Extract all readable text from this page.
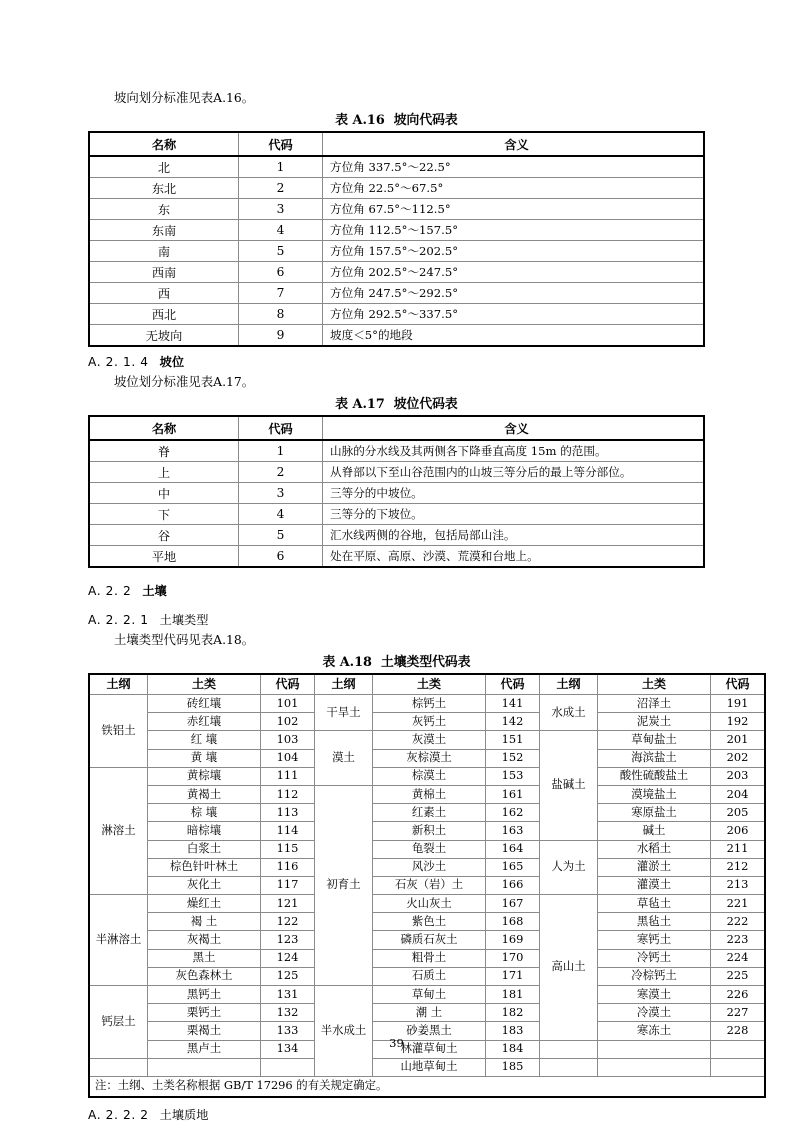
坡向划分标准见表A.16。

表 A.16 坡向代码表

名称	代码	含义
北	1	方位角 337.5°～22.5°
东北	2	方位角 22.5°～67.5°
东	3	方位角 67.5°～112.5°
东南	4	方位角 112.5°～157.5°
南	5	方位角 157.5°～202.5°
西南	6	方位角 202.5°～247.5°
西	7	方位角 247.5°～292.5°
西北	8	方位角 292.5°～337.5°
无坡向	9	坡度＜5°的地段

A. 2. 1. 4 坡位

坡位划分标准见表A.17。

表 A.17 坡位代码表

名称	代码	含义
脊	1	山脉的分水线及其两侧各下降垂直高度 15m 的范围。
上	2	从脊部以下至山谷范围内的山坡三等分后的最上等分部位。
中	3	三等分的中坡位。
下	4	三等分的下坡位。
谷	5	汇水线两侧的谷地，包括局部山洼。
平地	6	处在平原、高原、沙漠、荒漠和台地上。

A. 2. 2 土壤

A. 2. 2. 1 土壤类型

土壤类型代码见表A.18。

表 A.18 土壤类型代码表

土纲	土类	代码	土纲	土类	代码	土纲	土类	代码
铁铝土	砖红壤	101	干旱土	棕钙土	141	水成土	沼泽土	191
	赤红壤	102		灰钙土	142		泥炭土	192
	红 壤	103	漠土	灰漠土	151	盐碱土	草甸盐土	201
	黄 壤	104		灰棕漠土	152		海滨盐土	202
淋溶土	黄棕壤	111		棕漠土	153		酸性硫酸盐土	203
	黄褐土	112	初育土	黄棉土	161		漠境盐土	204
	棕 壤	113		红素土	162		寒原盐土	205
	暗棕壤	114		新积土	163		碱土	206
	白浆土	115		龟裂土	164	人为土	水稻土	211
	棕色针叶林土	116		风沙土	165		灌淤土	212
	灰化土	117		石灰（岩）土	166		灌漠土	213
半淋溶土	燥红土	121		火山灰土	167	高山土	草毡土	221
	褐 土	122		紫色土	168		黑毡土	222
	灰褐土	123		磷质石灰土	169		寒钙土	223
	黑土	124		粗骨土	170		冷钙土	224
	灰色森林土	125		石质土	171		冷棕钙土	225
钙层土	黑钙土	131	半水成土	草甸土	181		寒漠土	226
	栗钙土	132		潮 土	182		冷漠土	227
	栗褐土	133		砂姜黑土	183		寒冻土	228
	黑卢土	134		林灌草甸土	184			
				山地草甸土	185			
注：土纲、土类名称根据 GB/T 17296 的有关规定确定。								

A. 2. 2. 2 土壤质地

39
